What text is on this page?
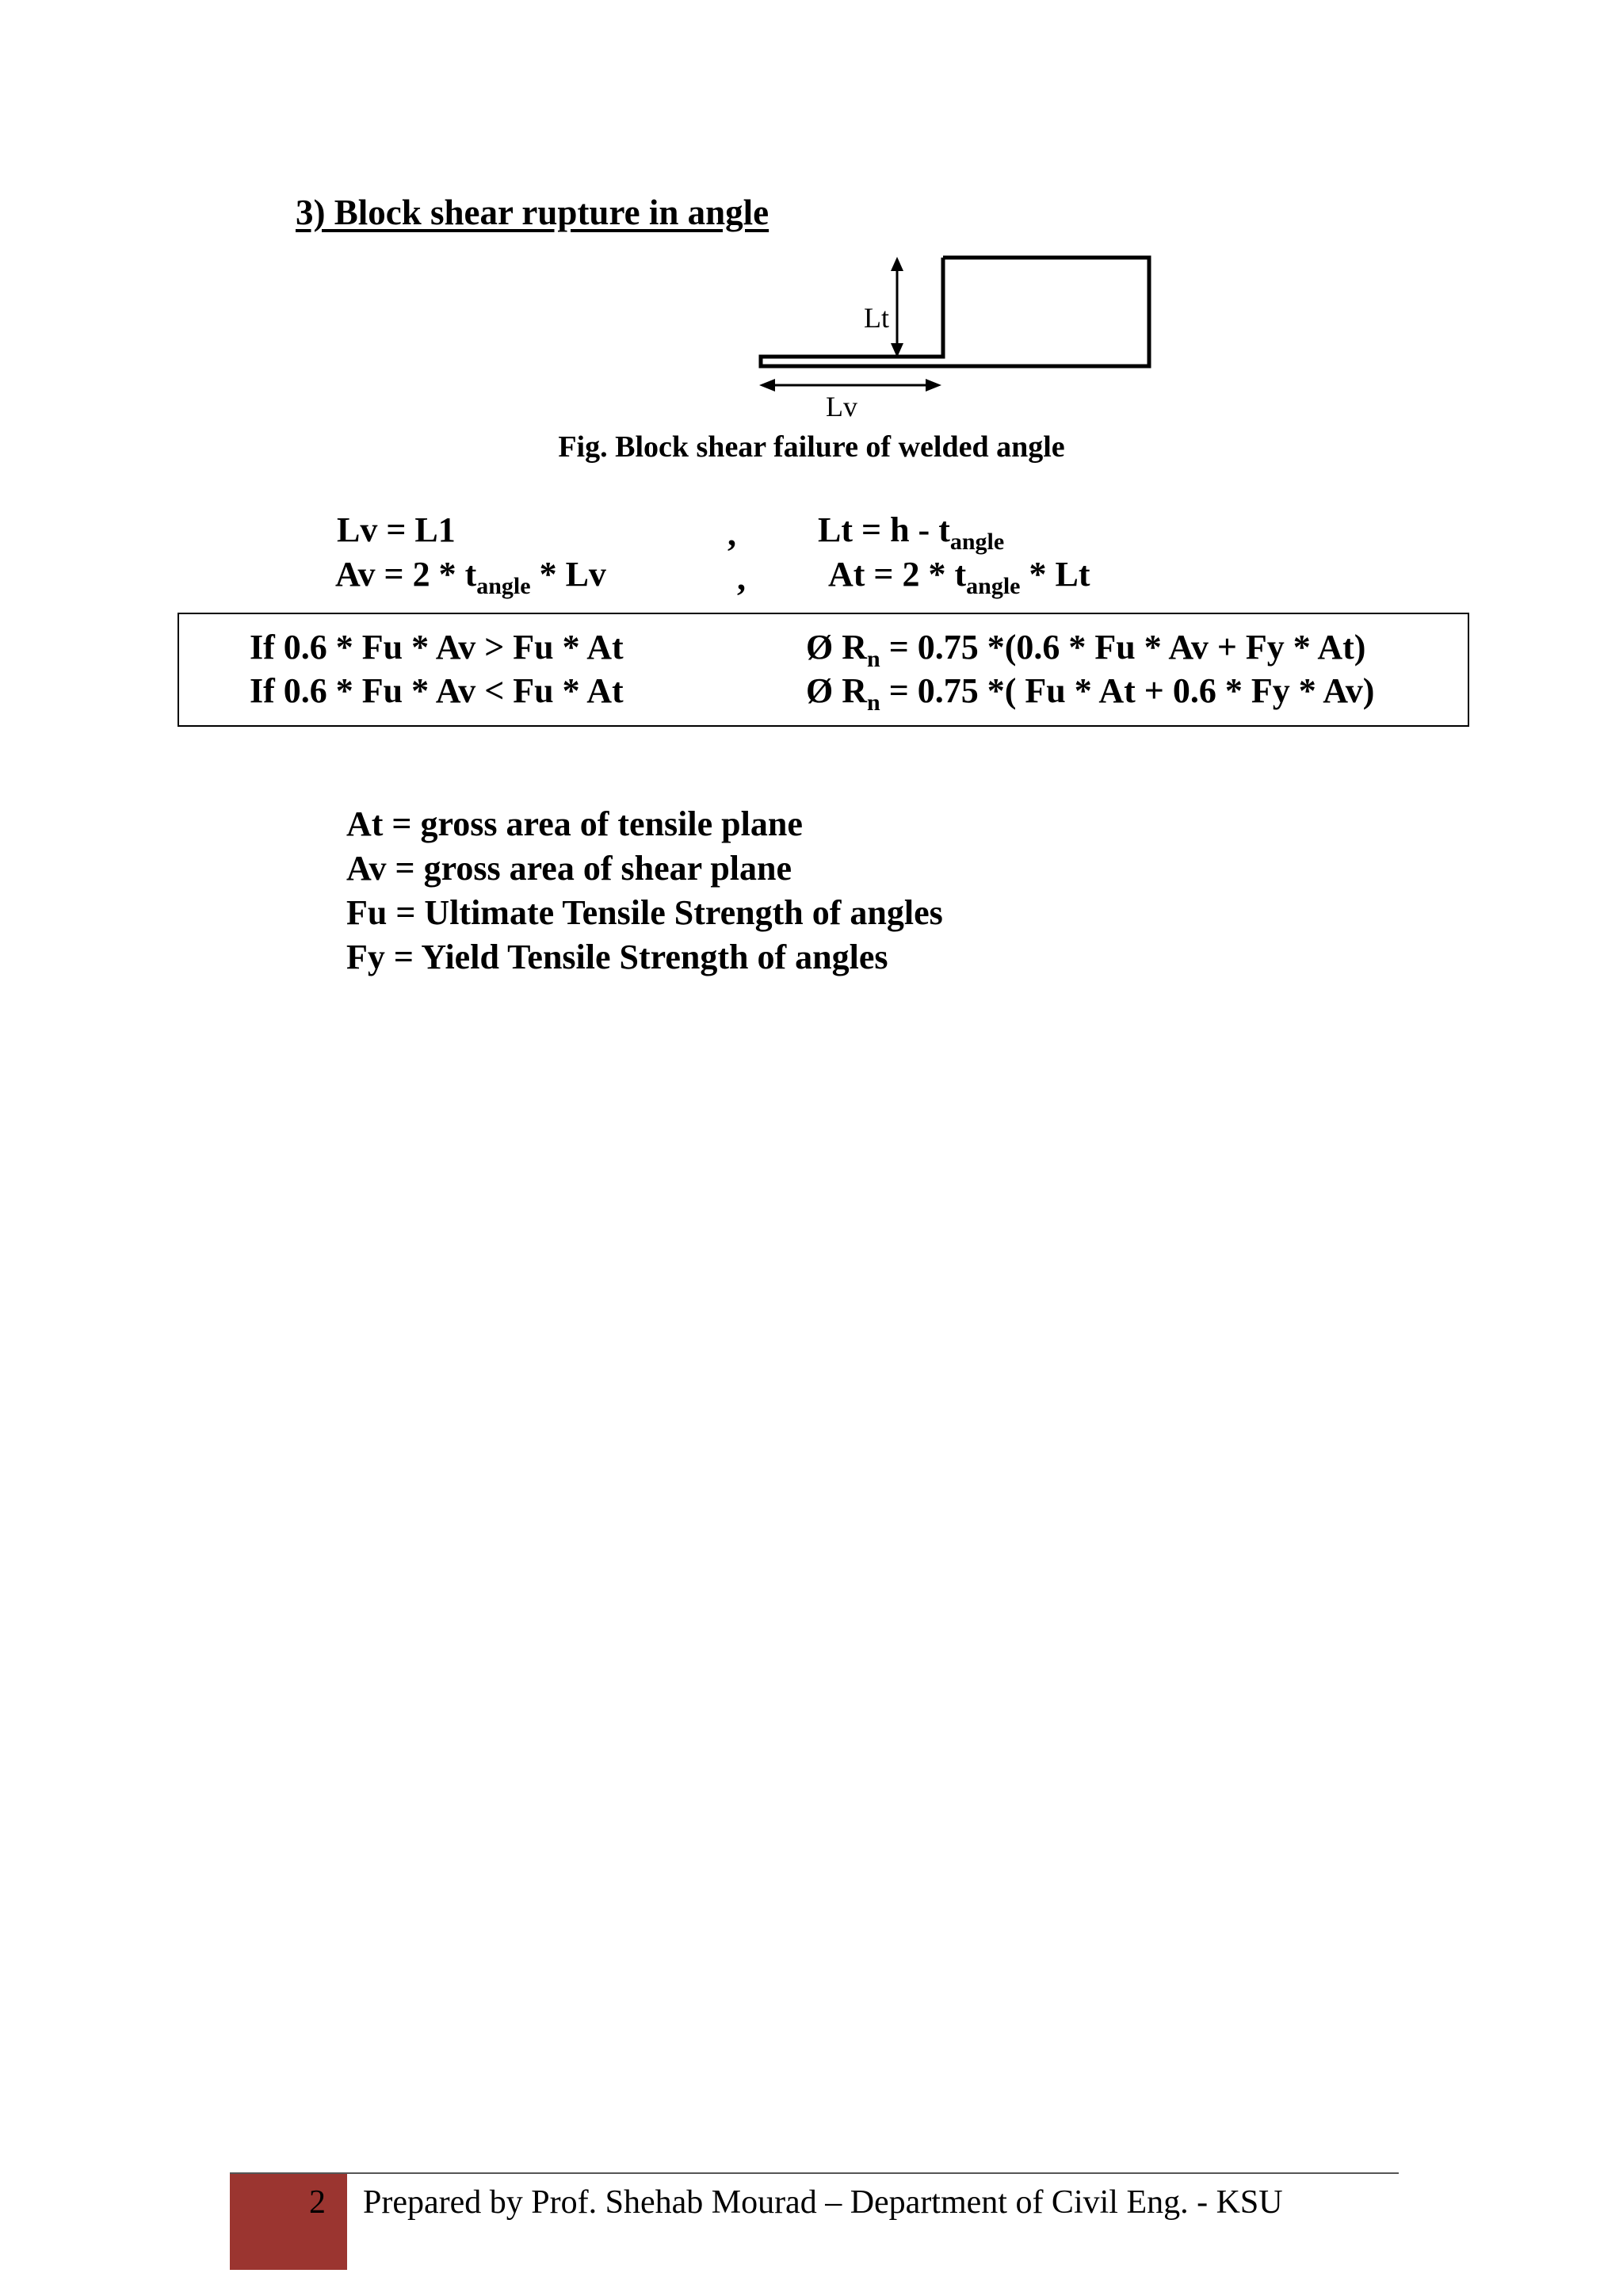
3) Block shear rupture in angle
Lt
Lv
Fig. Block shear failure of welded angle
Lv = L1	, $Lt = h - t_{angle}$
$Av = 2 * t_{angle} * Lv$	, $At = 2 * t_{angle} * Lt$
If 0.6 * Fu * Av > Fu * At	Ø $R_n = 0.75$ *(0.6 * Fu * Av + Fy * At)
If 0.6 * Fu * Av < Fu * At	Ø $R_n = 0.75$ *( Fu * At + 0.6 * Fy * Av)
At = gross area of tensile plane
Av = gross area of shear plane
Fu = Ultimate Tensile Strength of angles
Fy = Yield Tensile Strength of angles
2 Prepared by Prof. Shehab Mourad – Department of Civil Eng. - KSU
